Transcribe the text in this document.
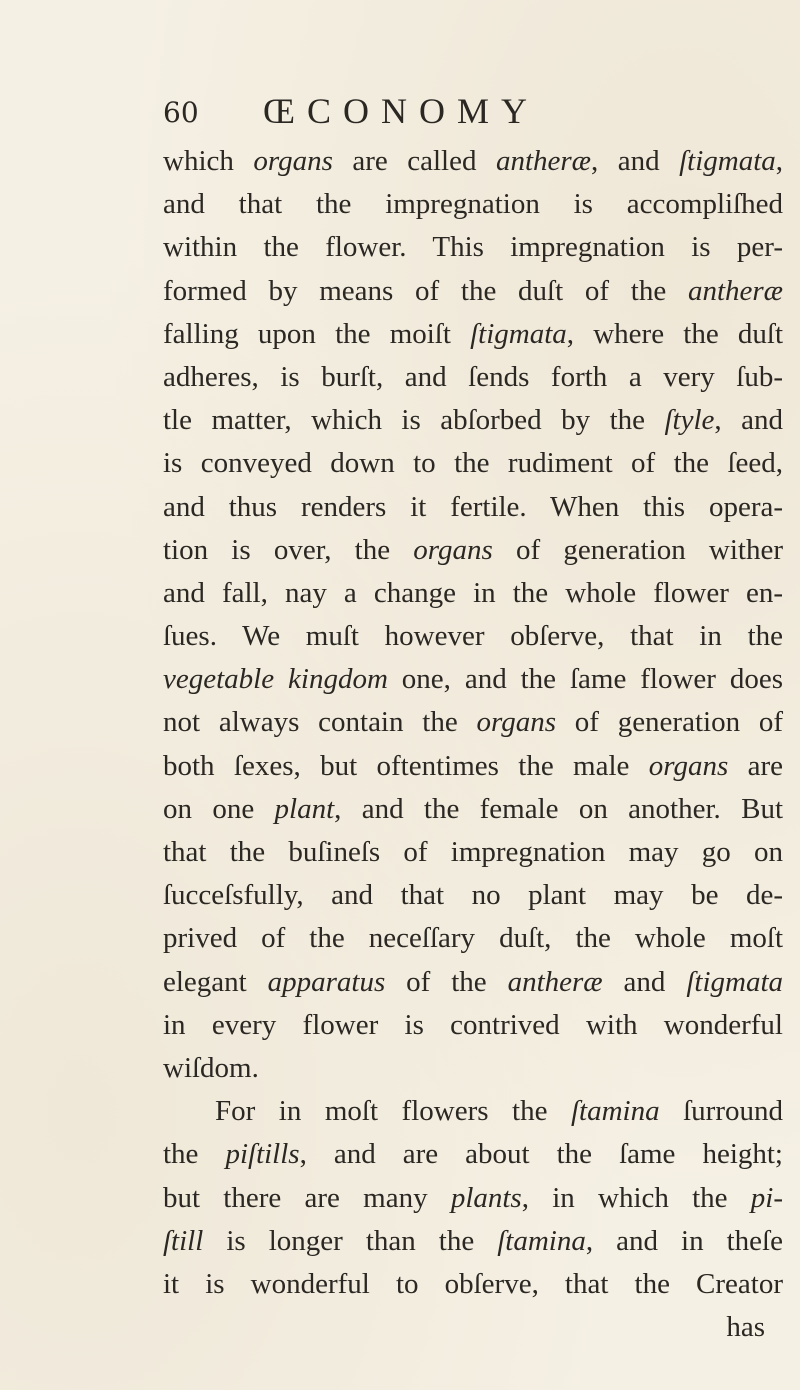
60 ŒCONOMY
which organs are called antheræ, and ſtigmata,
and that the impregnation is accompliſhed
within the flower. This impregnation is per-
formed by means of the duſt of the antheræ
falling upon the moiſt ſtigmata, where the duſt
adheres, is burſt, and ſends forth a very ſub-
tle matter, which is abſorbed by the ſtyle, and
is conveyed down to the rudiment of the ſeed,
and thus renders it fertile. When this opera-
tion is over, the organs of generation wither
and fall, nay a change in the whole flower en-
ſues. We muſt however obſerve, that in the
vegetable kingdom one, and the ſame flower does
not always contain the organs of generation of
both ſexes, but oftentimes the male organs are
on one plant, and the female on another. But
that the buſineſs of impregnation may go on
ſucceſsfully, and that no plant may be de-
prived of the neceſſary duſt, the whole moſt
elegant apparatus of the antheræ and ſtigmata
in every flower is contrived with wonderful
wiſdom.
For in moſt flowers the ſtamina ſurround
the piſtills, and are about the ſame height;
but there are many plants, in which the pi-
ſtill is longer than the ſtamina, and in theſe
it is wonderful to obſerve, that the Creator
has
